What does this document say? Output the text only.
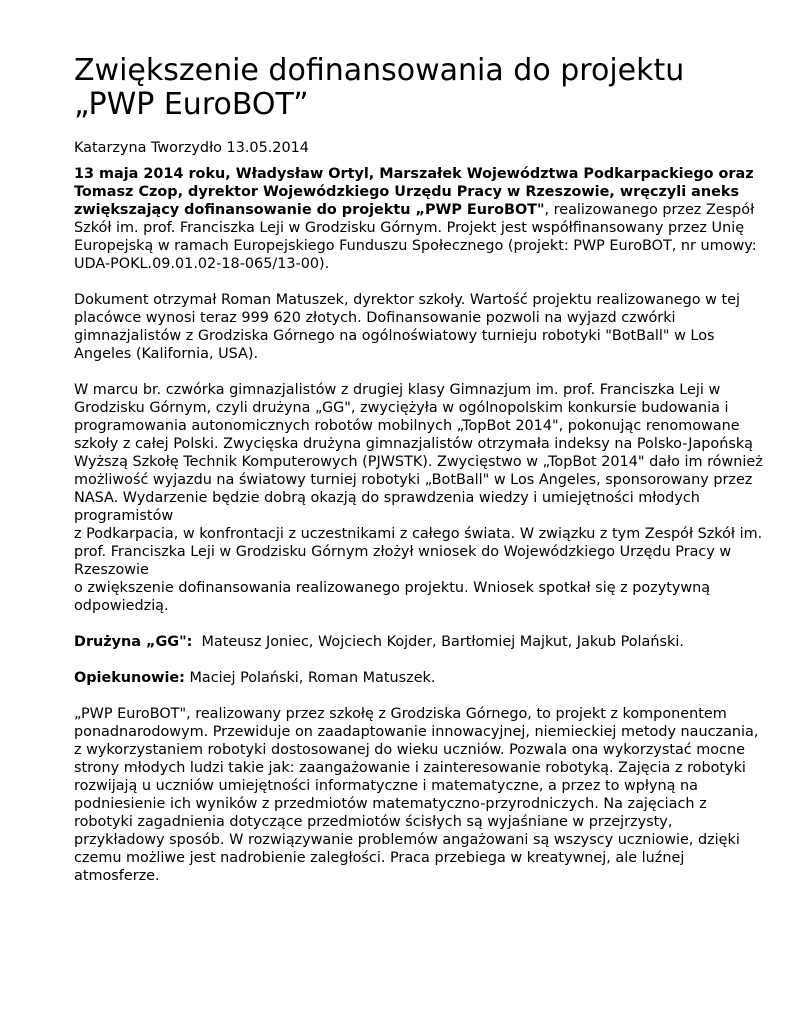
Zwiększenie dofinansowania do projektu
„PWP EuroBOT”
Katarzyna Tworzydło 13.05.2014

13 maja 2014 roku, Władysław Ortyl, Marszałek Województwa Podkarpackiego oraz Tomasz Czop, dyrektor Wojewódzkiego Urzędu Pracy w Rzeszowie, wręczyli aneks zwiększający dofinansowanie do projektu „PWP EuroBOT", realizowanego przez Zespół Szkół im. prof. Franciszka Leji w Grodzisku Górnym. Projekt jest współfinansowany przez Unię Europejską w ramach Europejskiego Funduszu Społecznego (projekt: PWP EuroBOT, nr umowy: UDA-POKL.09.01.02-18-065/13-00).

Dokument otrzymał Roman Matuszek, dyrektor szkoły. Wartość projektu realizowanego w tej placówce wynosi teraz 999 620 złotych. Dofinansowanie pozwoli na wyjazd czwórki gimnazjalistów z Grodziska Górnego na ogólnoświatowy turnieju robotyki "BotBall" w Los Angeles (Kalifornia, USA).

W marcu br. czwórka gimnazjalistów z drugiej klasy Gimnazjum im. prof. Franciszka Leji w Grodzisku Górnym, czyli drużyna „GG", zwyciężyła w ogólnopolskim konkursie budowania i programowania autonomicznych robotów mobilnych „TopBot 2014", pokonując renomowane szkoły z całej Polski. Zwycięska drużyna gimnazjalistów otrzymała indeksy na Polsko-Japońską Wyższą Szkołę Technik Komputerowych (PJWSTK). Zwycięstwo w „TopBot 2014" dało im również możliwość wyjazdu na światowy turniej robotyki „BotBall" w Los Angeles, sponsorowany przez NASA. Wydarzenie będzie dobrą okazją do sprawdzenia wiedzy i umiejętności młodych programistów
z Podkarpacia, w konfrontacji z uczestnikami z całego świata. W związku z tym Zespół Szkół im. prof. Franciszka Leji w Grodzisku Górnym złożył wniosek do Wojewódzkiego Urzędu Pracy w Rzeszowie
o zwiększenie dofinansowania realizowanego projektu. Wniosek spotkał się z pozytywną odpowiedzią.

Drużyna „GG":  Mateusz Joniec, Wojciech Kojder, Bartłomiej Majkut, Jakub Polański.

Opiekunowie: Maciej Polański, Roman Matuszek.

„PWP EuroBOT", realizowany przez szkołę z Grodziska Górnego, to projekt z komponentem ponadnarodowym. Przewiduje on zaadaptowanie innowacyjnej, niemieckiej metody nauczania, z wykorzystaniem robotyki dostosowanej do wieku uczniów. Pozwala ona wykorzystać mocne strony młodych ludzi takie jak: zaangażowanie i zainteresowanie robotyką. Zajęcia z robotyki rozwijają u uczniów umiejętności informatyczne i matematyczne, a przez to wpłyną na podniesienie ich wyników z przedmiotów matematyczno-przyrodniczych. Na zajęciach z robotyki zagadnienia dotyczące przedmiotów ścisłych są wyjaśniane w przejrzysty, przykładowy sposób. W rozwiązywanie problemów angażowani są wszyscy uczniowie, dzięki czemu możliwe jest nadrobienie zaległości. Praca przebiega w kreatywnej, ale luźnej atmosferze.
